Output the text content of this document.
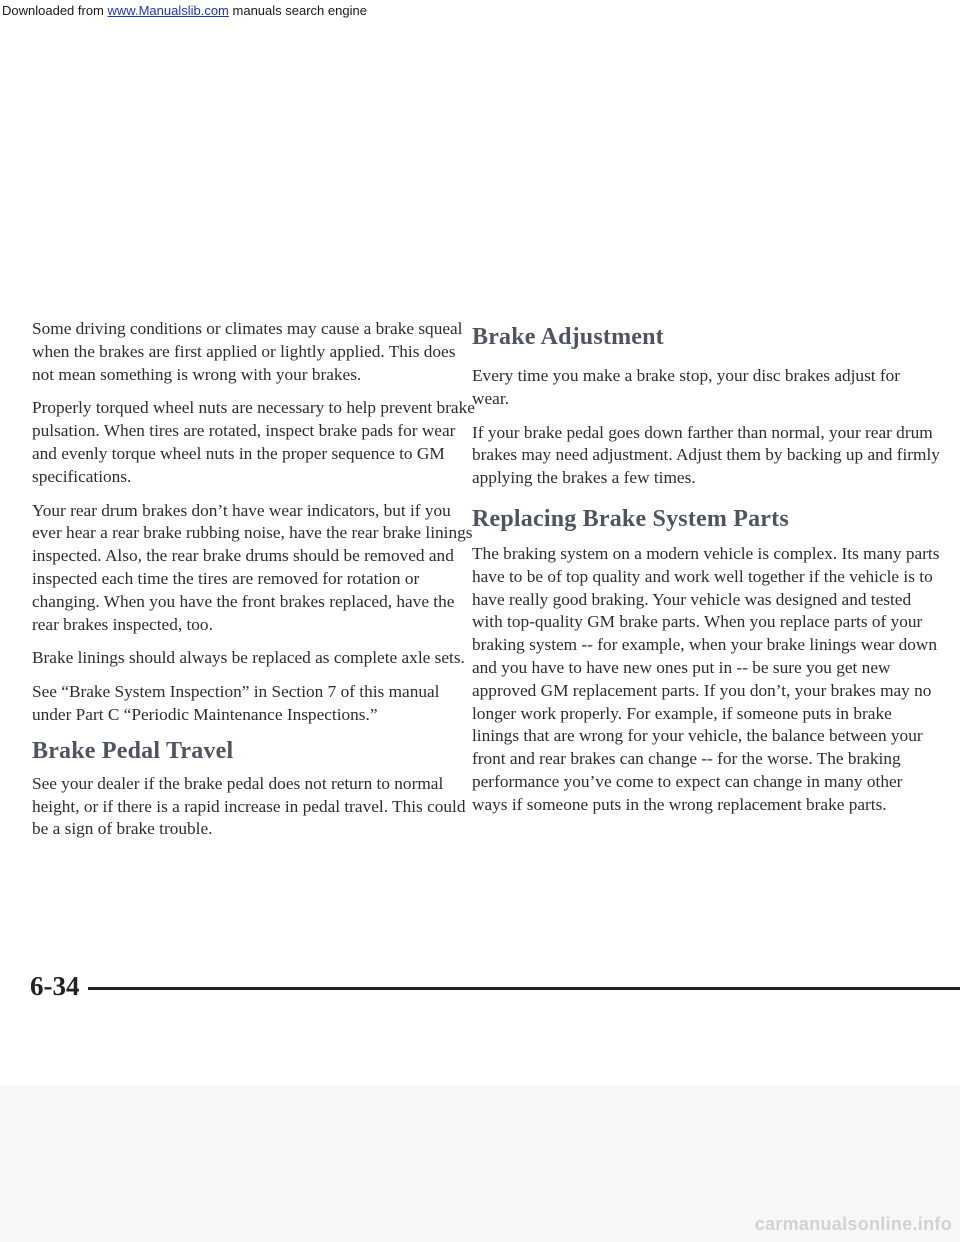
Downloaded from www.Manualslib.com manuals search engine

Some driving conditions or climates may cause a brake squeal when the brakes are first applied or lightly applied. This does not mean something is wrong with your brakes.

Properly torqued wheel nuts are necessary to help prevent brake pulsation. When tires are rotated, inspect brake pads for wear and evenly torque wheel nuts in the proper sequence to GM specifications.

Your rear drum brakes don’t have wear indicators, but if you ever hear a rear brake rubbing noise, have the rear brake linings inspected. Also, the rear brake drums should be removed and inspected each time the tires are removed for rotation or changing. When you have the front brakes replaced, have the rear brakes inspected, too.

Brake linings should always be replaced as complete axle sets.

See “Brake System Inspection” in Section 7 of this manual under Part C “Periodic Maintenance Inspections.”

Brake Pedal Travel

See your dealer if the brake pedal does not return to normal height, or if there is a rapid increase in pedal travel. This could be a sign of brake trouble.

Brake Adjustment

Every time you make a brake stop, your disc brakes adjust for wear.

If your brake pedal goes down farther than normal, your rear drum brakes may need adjustment. Adjust them by backing up and firmly applying the brakes a few times.

Replacing Brake System Parts

The braking system on a modern vehicle is complex. Its many parts have to be of top quality and work well together if the vehicle is to have really good braking. Your vehicle was designed and tested with top-quality GM brake parts. When you replace parts of your braking system -- for example, when your brake linings wear down and you have to have new ones put in -- be sure you get new approved GM replacement parts. If you don’t, your brakes may no longer work properly. For example, if someone puts in brake linings that are wrong for your vehicle, the balance between your front and rear brakes can change -- for the worse. The braking performance you’ve come to expect can change in many other ways if someone puts in the wrong replacement brake parts.

6-34
carmanualsonline.info
